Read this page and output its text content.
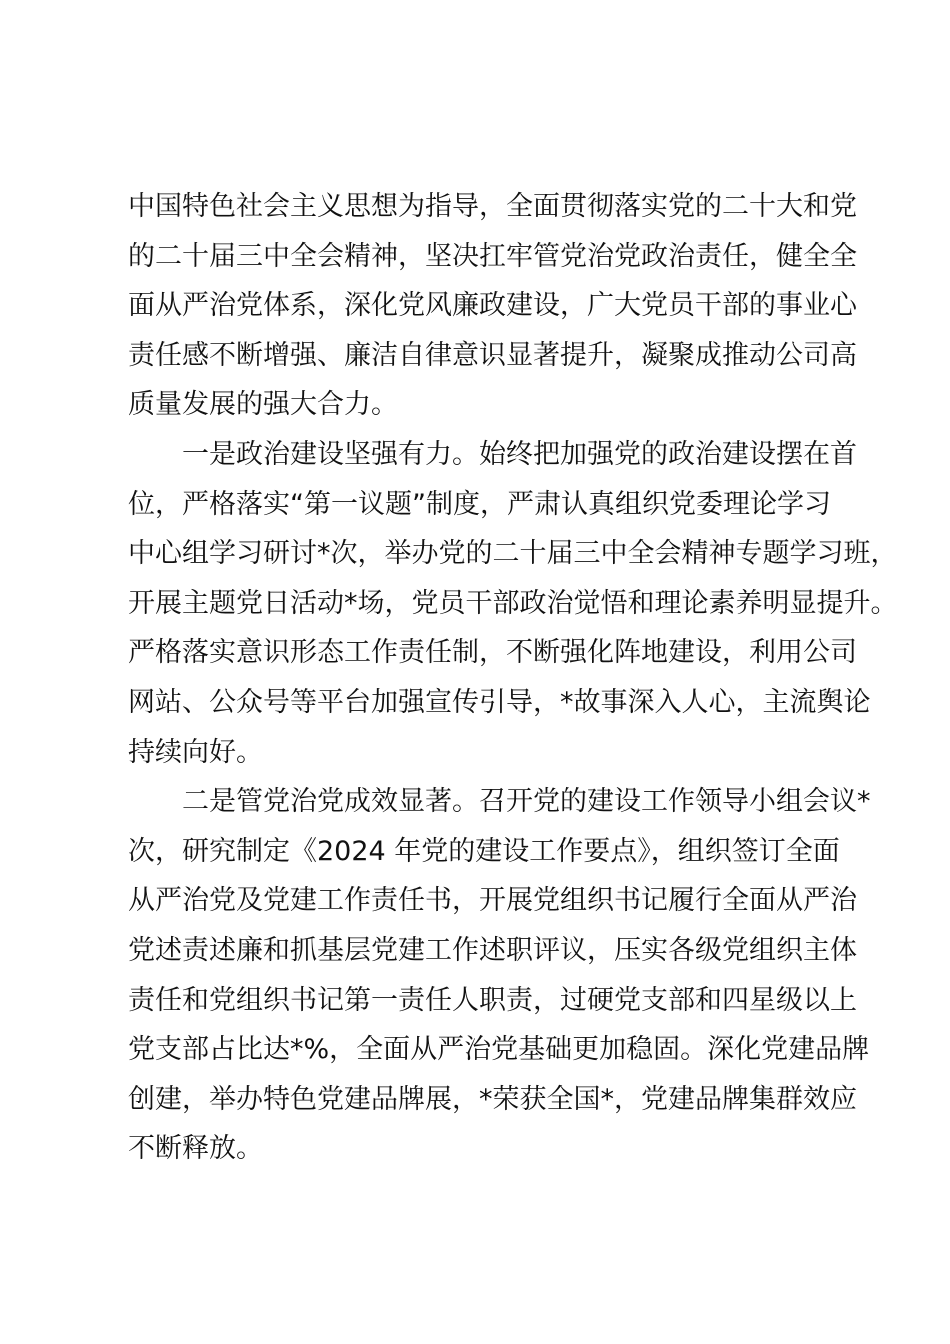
中国特色社会主义思想为指导，全面贯彻落实党的二十大和党
的二十届三中全会精神，坚决扛牢管党治党政治责任，健全全
面从严治党体系，深化党风廉政建设，广大党员干部的事业心
责任感不断增强、廉洁自律意识显著提升，凝聚成推动公司高
质量发展的强大合力。
一是政治建设坚强有力。始终把加强党的政治建设摆在首
位，严格落实“第一议题”制度，严肃认真组织党委理论学习
中心组学习研讨*次，举办党的二十届三中全会精神专题学习班，
开展主题党日活动*场，党员干部政治觉悟和理论素养明显提升。
严格落实意识形态工作责任制，不断强化阵地建设，利用公司
网站、公众号等平台加强宣传引导，*故事深入人心，主流舆论
持续向好。
二是管党治党成效显著。召开党的建设工作领导小组会议*
次，研究制定《2024 年党的建设工作要点》，组织签订全面
从严治党及党建工作责任书，开展党组织书记履行全面从严治
党述责述廉和抓基层党建工作述职评议，压实各级党组织主体
责任和党组织书记第一责任人职责，过硬党支部和四星级以上
党支部占比达*%，全面从严治党基础更加稳固。深化党建品牌
创建，举办特色党建品牌展，*荣获全国*，党建品牌集群效应
不断释放。
